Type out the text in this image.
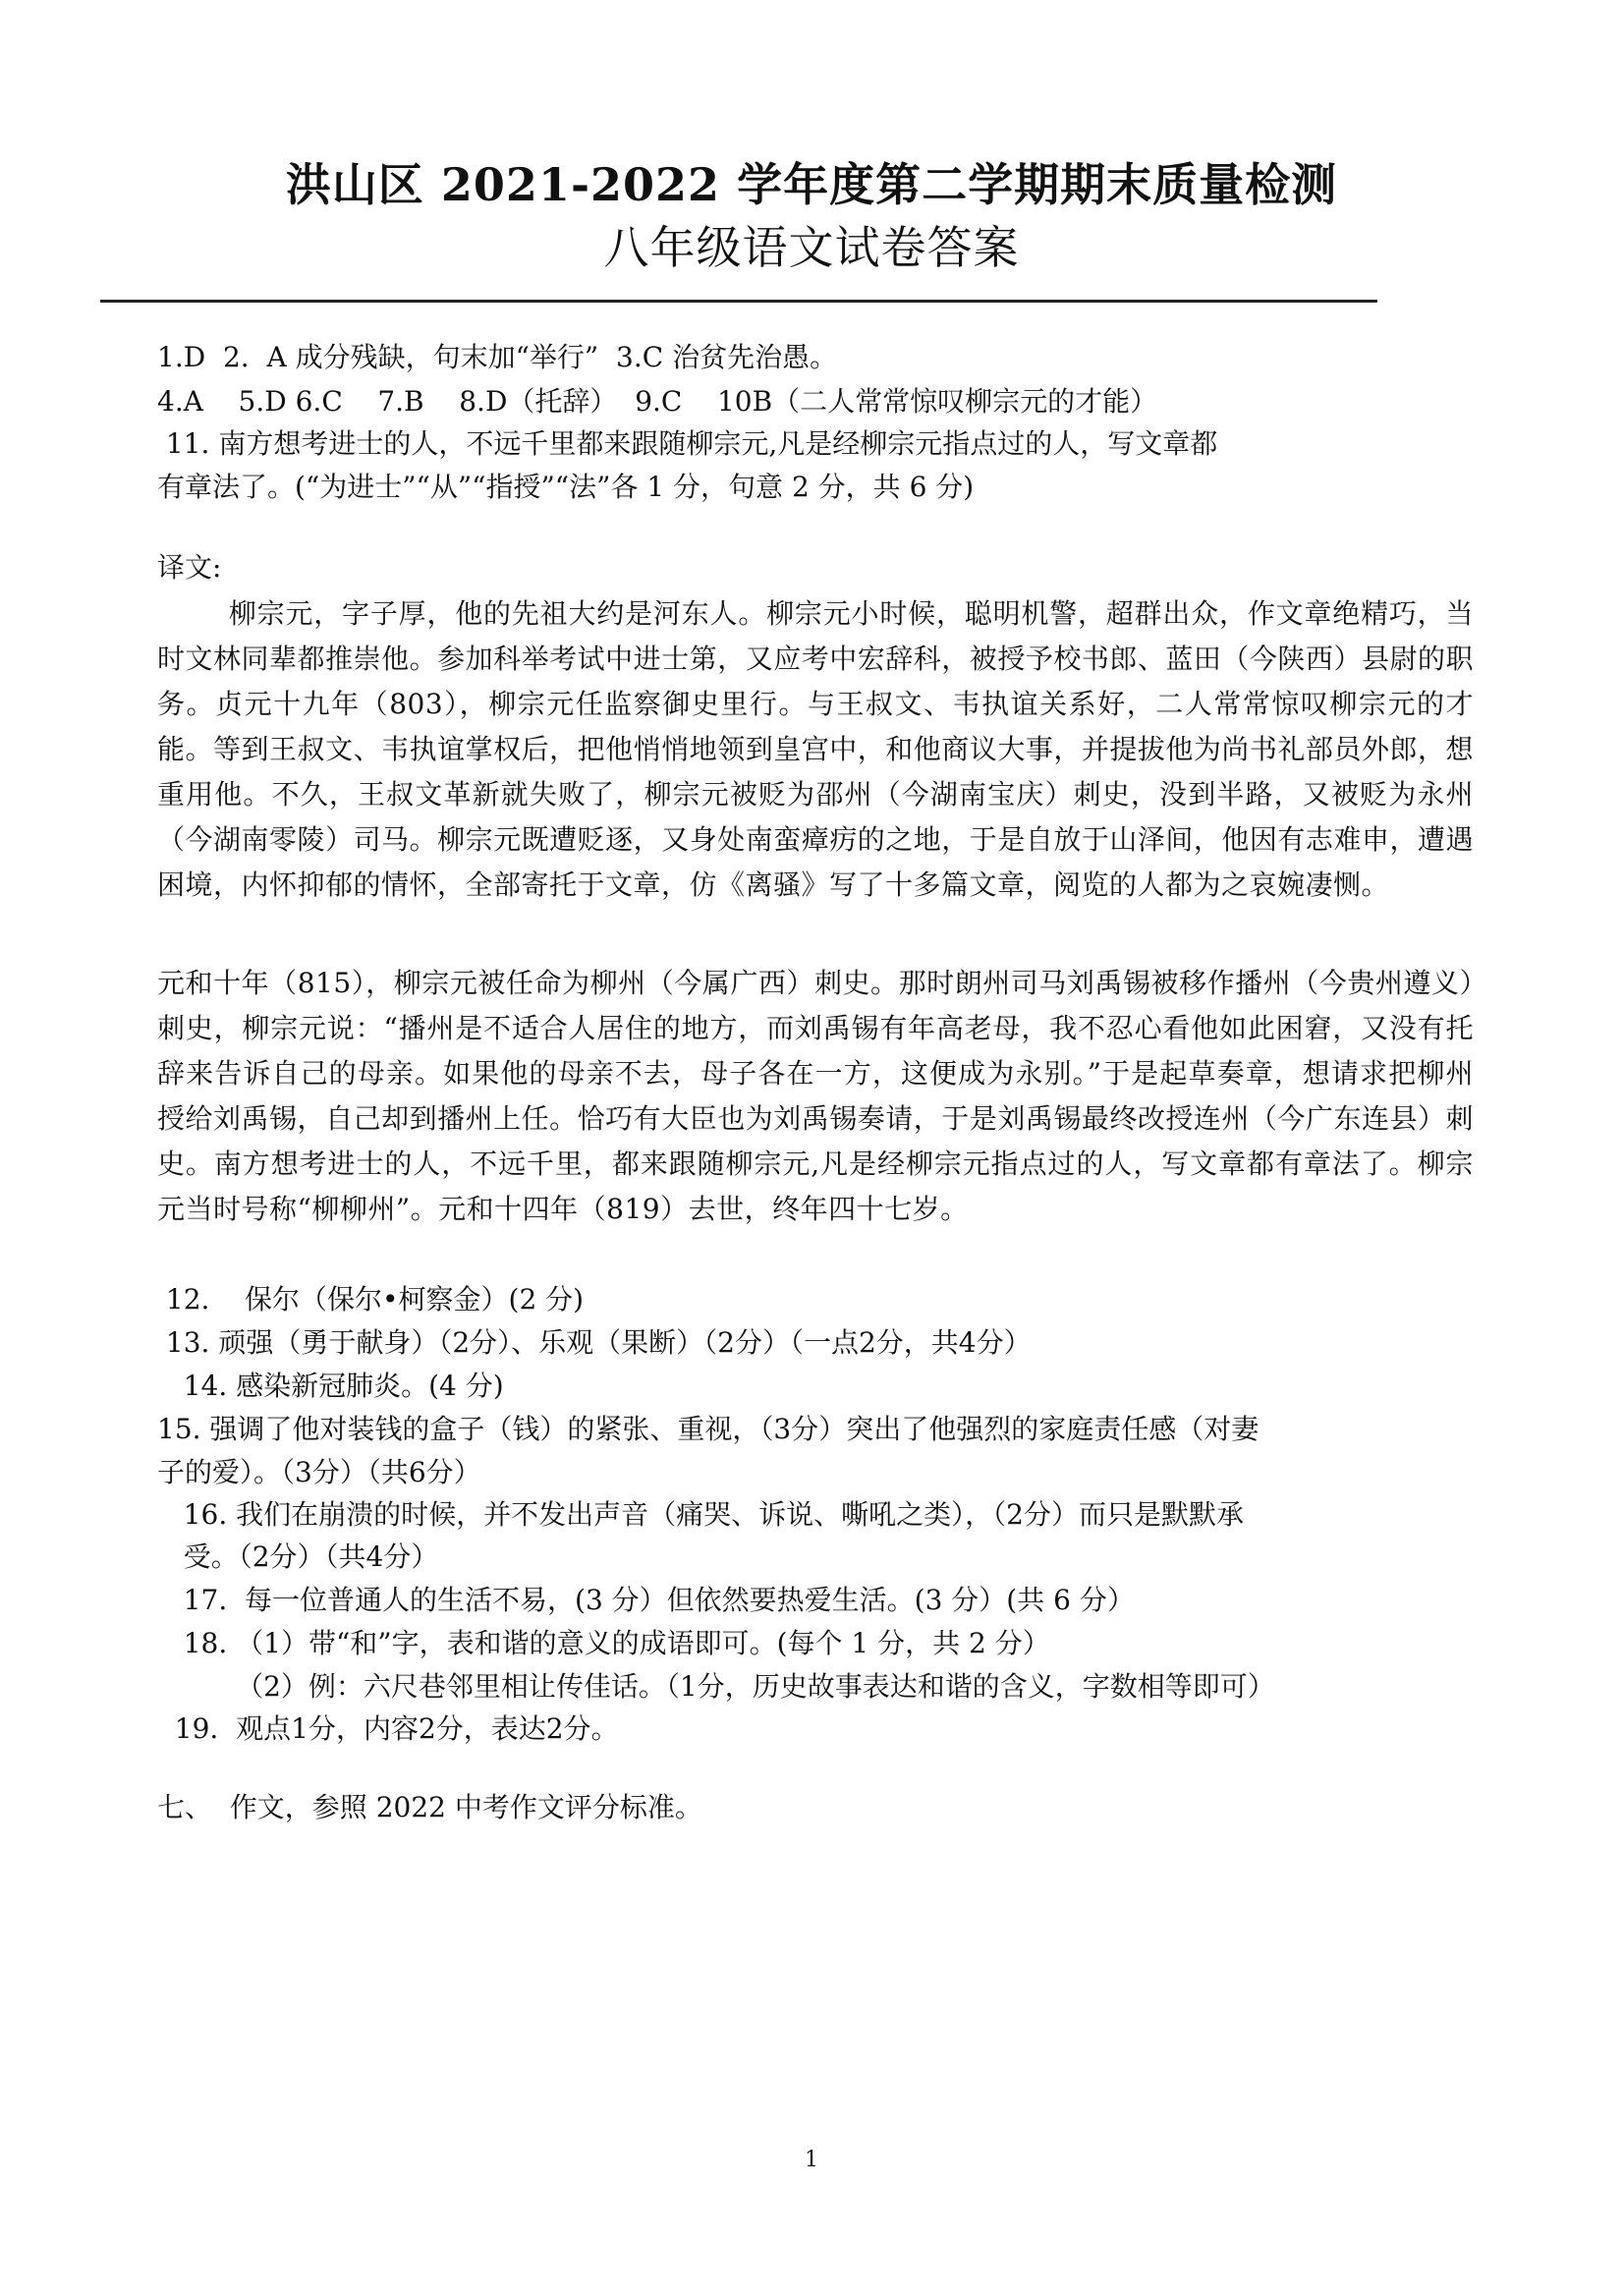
洪山区 2021-2022 学年度第二学期期末质量检测
八年级语文试卷答案
1.D  2.  A 成分残缺，句末加“举行”  3.C 治贫先治愚。
4.A    5.D 6.C    7.B    8.D（托辞）  9.C    10B（二人常常惊叹柳宗元的才能）
11. 南方想考进士的人，不远千里都来跟随柳宗元,凡是经柳宗元指点过的人，写文章都
有章法了。(“为进士”“从”“指授”“法”各 1 分，句意 2 分，共 6 分)
译文:
柳宗元，字子厚，他的先祖大约是河东人。柳宗元小时候，聪明机警，超群出众，作文章绝精巧，当时文林同辈都推崇他。参加科举考试中进士第，又应考中宏辞科，被授予校书郎、蓝田（今陕西）县尉的职务。贞元十九年（803），柳宗元任监察御史里行。与王叔文、韦执谊关系好，二人常常惊叹柳宗元的才能。等到王叔文、韦执谊掌权后，把他悄悄地领到皇宫中，和他商议大事，并提拔他为尚书礼部员外郎，想重用他。不久，王叔文革新就失败了，柳宗元被贬为邵州（今湖南宝庆）刺史，没到半路，又被贬为永州（今湖南零陵）司马。柳宗元既遭贬逐，又身处南蛮瘴疠的之地，于是自放于山泽间，他因有志难申，遭遇困境，内怀抑郁的情怀，全部寄托于文章，仿《离骚》写了十多篇文章，阅览的人都为之哀婉凄恻。
元和十年（815），柳宗元被任命为柳州（今属广西）刺史。那时朗州司马刘禹锡被移作播州（今贵州遵义）刺史，柳宗元说：“播州是不适合人居住的地方，而刘禹锡有年高老母，我不忍心看他如此困窘，又没有托辞来告诉自己的母亲。如果他的母亲不去，母子各在一方，这便成为永别。”于是起草奏章，想请求把柳州授给刘禹锡，自己却到播州上任。恰巧有大臣也为刘禹锡奏请，于是刘禹锡最终改授连州（今广东连县）刺史。南方想考进士的人，不远千里，都来跟随柳宗元,凡是经柳宗元指点过的人，写文章都有章法了。柳宗元当时号称“柳柳州”。元和十四年（819）去世，终年四十七岁。
12.    保尔（保尔•柯察金）(2 分)
13. 顽强（勇于献身）（2分）、乐观（果断）（2分）（一点2分，共4分）
14. 感染新冠肺炎。(4 分)
15. 强调了他对装钱的盒子（钱）的紧张、重视，（3分）突出了他强烈的家庭责任感（对妻
子的爱）。（3分）（共6分）
16. 我们在崩溃的时候，并不发出声音（痛哭、诉说、嘶吼之类），（2分）而只是默默承
受。（2分）（共4分）
17.  每一位普通人的生活不易，(3 分）但依然要热爱生活。(3 分）(共 6 分）
18. （1）带“和”字，表和谐的意义的成语即可。(每个 1 分，共 2 分）
（2）例：六尺巷邻里相让传佳话。（1分，历史故事表达和谐的含义，字数相等即可）
19.  观点1分，内容2分，表达2分。
七、  作文，参照 2022 中考作文评分标准。
1
